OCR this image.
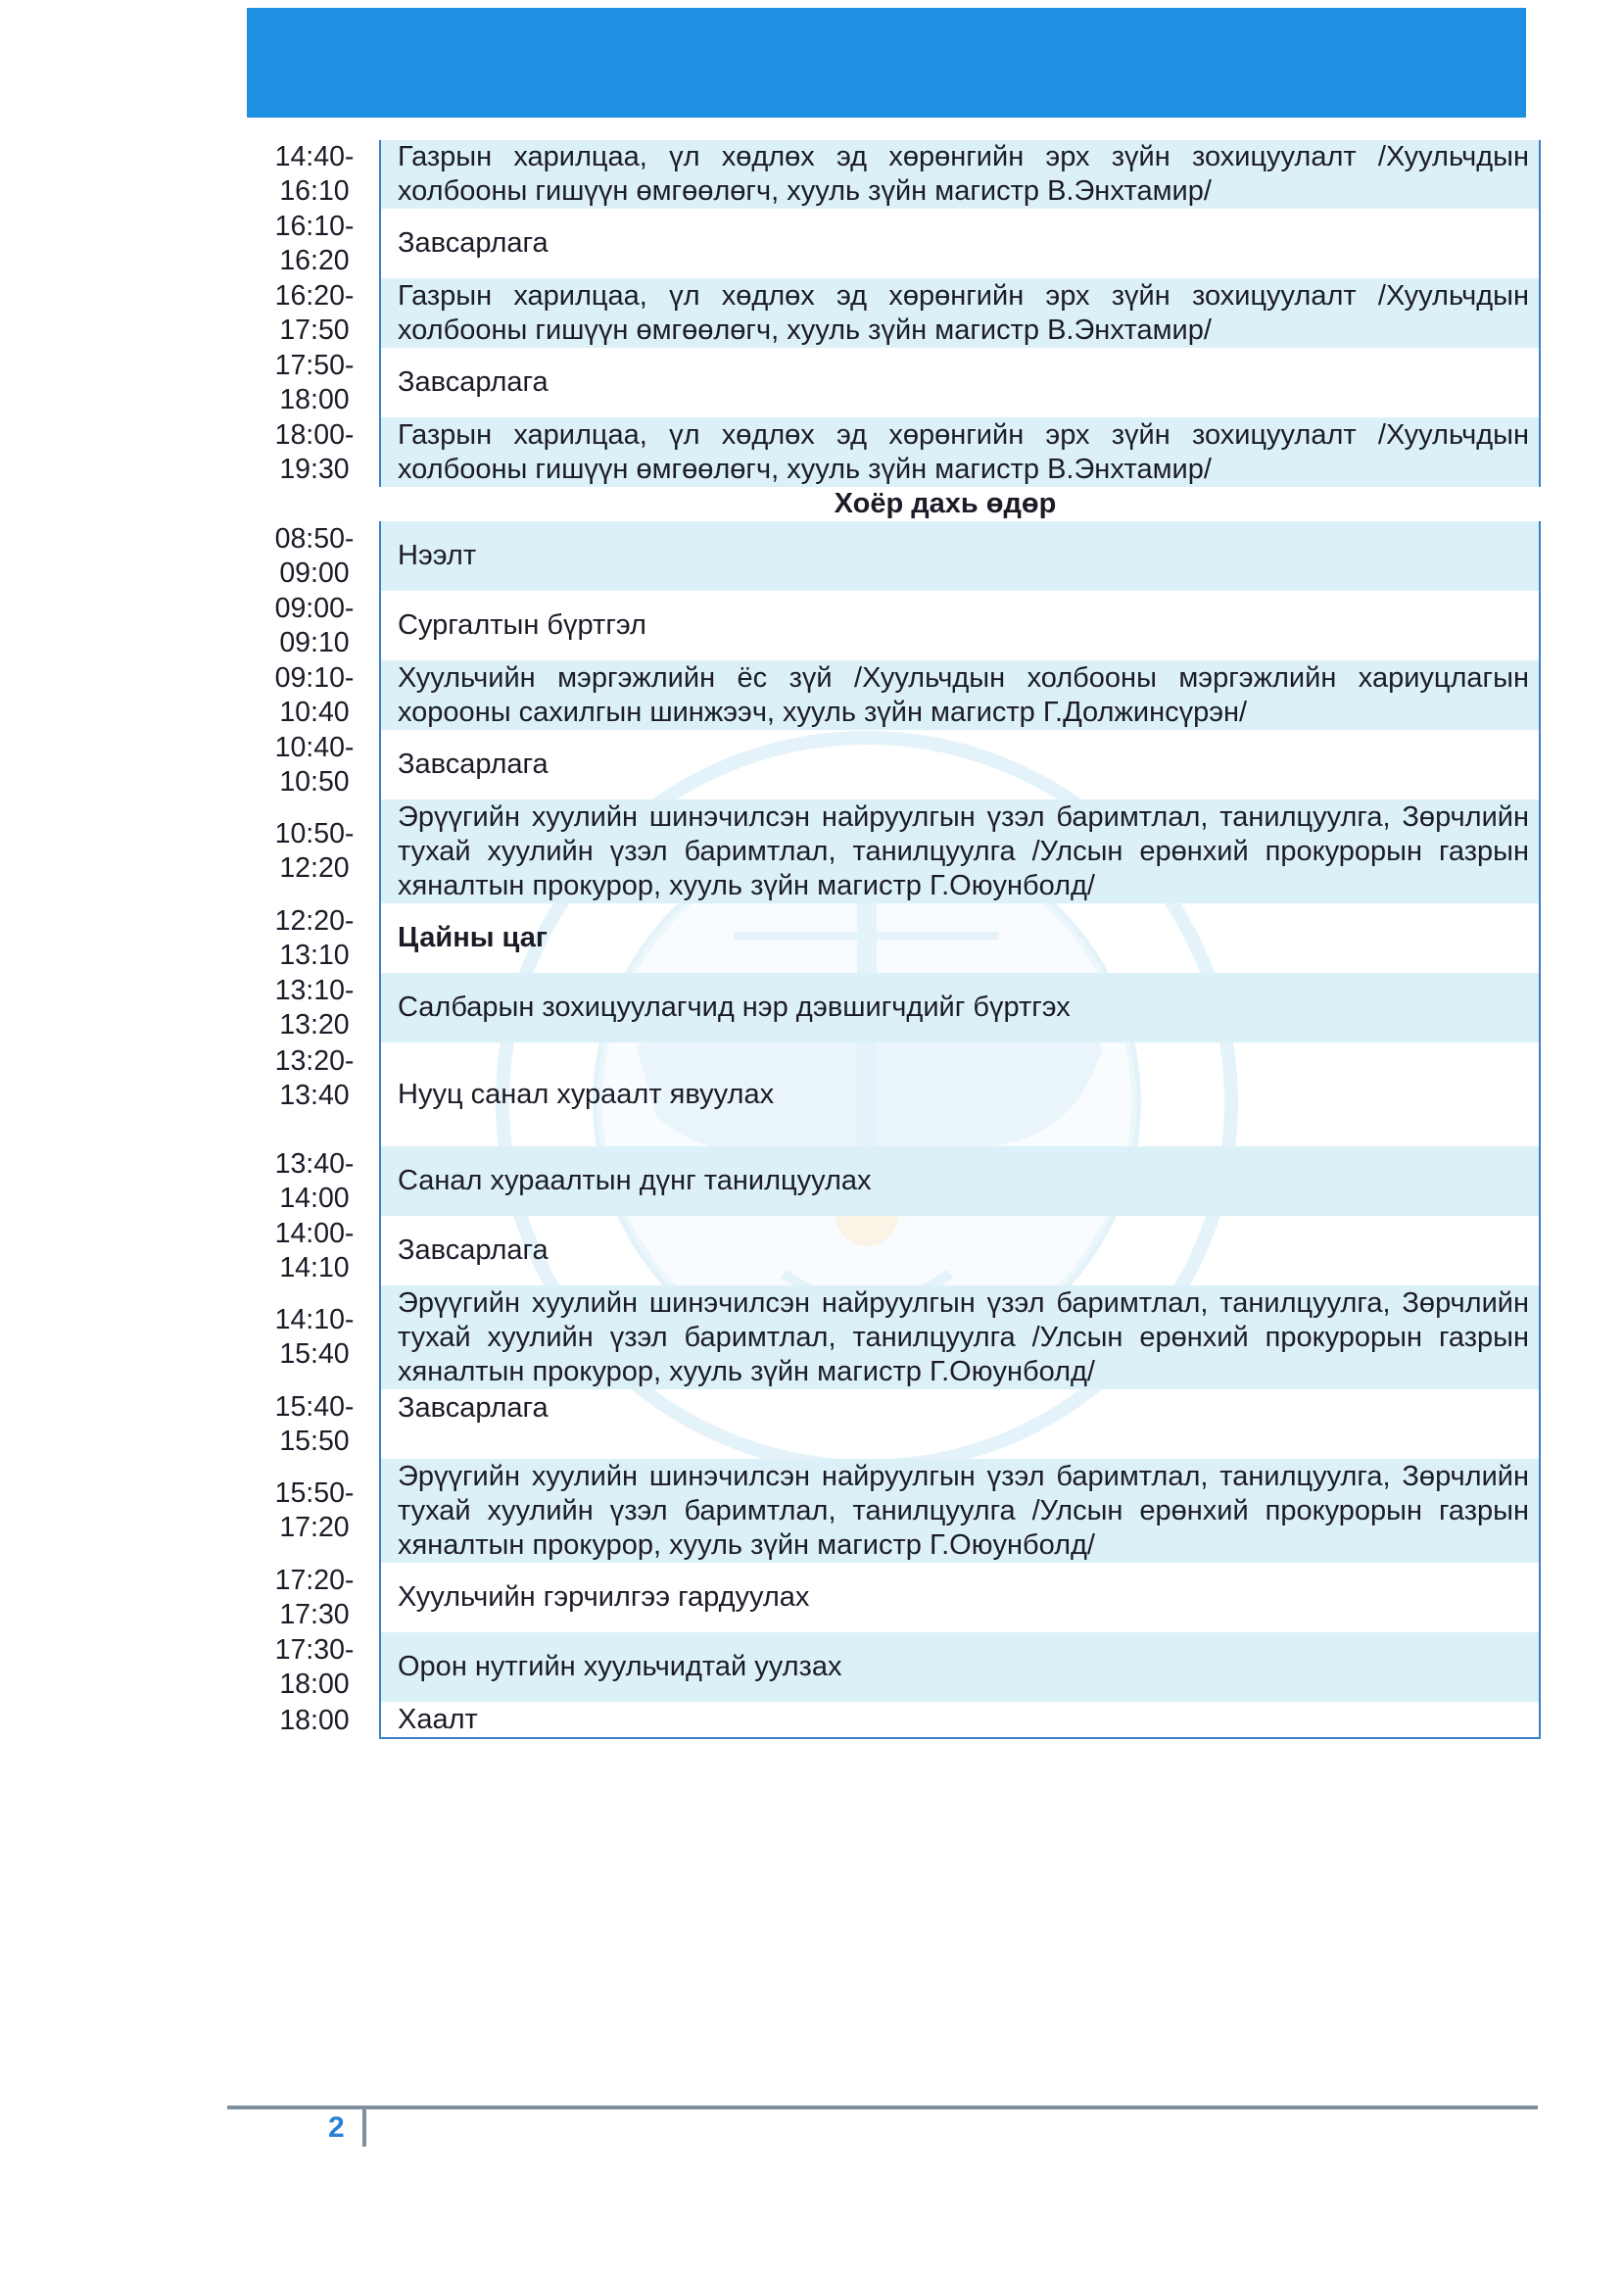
14:40-
16:10
Газрын харилцаа, үл хөдлөх эд хөрөнгийн эрх зүйн зохицуулалт /Хуульчдын холбооны гишүүн өмгөөлөгч, хууль зүйн магистр В.Энхтамир/
16:10-
16:20
Завсарлага
16:20-
17:50
Газрын харилцаа, үл хөдлөх эд хөрөнгийн эрх зүйн зохицуулалт /Хуульчдын холбооны гишүүн өмгөөлөгч, хууль зүйн магистр В.Энхтамир/
17:50-
18:00
Завсарлага
18:00-
19:30
Газрын харилцаа, үл хөдлөх эд хөрөнгийн эрх зүйн зохицуулалт /Хуульчдын холбооны гишүүн өмгөөлөгч, хууль зүйн магистр В.Энхтамир/
Хоёр дахь өдөр
08:50-
09:00
Нээлт
09:00-
09:10
Сургалтын бүртгэл
09:10-
10:40
Хуульчийн мэргэжлийн ёс зүй /Хуульчдын холбооны мэргэжлийн хариуцлагын хорооны сахилгын шинжээч, хууль зүйн магистр Г.Должинсүрэн/
10:40-
10:50
Завсарлага
10:50-
12:20
Эрүүгийн хуулийн шинэчилсэн найруулгын үзэл баримтлал, танилцуулга, Зөрчлийн тухай хуулийн үзэл баримтлал, танилцуулга /Улсын ерөнхий прокурорын газрын хяналтын прокурор, хууль зүйн магистр Г.Оюунболд/
12:20-
13:10
Цайны цаг
13:10-
13:20
Салбарын зохицуулагчид нэр дэвшигчдийг бүртгэх
13:20-
13:40 Нууц санал хураалт явуулах
13:40-
14:00
Санал хураалтын дүнг танилцуулах
14:00-
14:10
Завсарлага
14:10-
15:40
Эрүүгийн хуулийн шинэчилсэн найруулгын үзэл баримтлал, танилцуулга, Зөрчлийн тухай хуулийн үзэл баримтлал, танилцуулга /Улсын ерөнхий прокурорын газрын хяналтын прокурор, хууль зүйн магистр Г.Оюунболд/
15:40-
15:50
Завсарлага
15:50-
17:20
Эрүүгийн хуулийн шинэчилсэн найруулгын үзэл баримтлал, танилцуулга, Зөрчлийн тухай хуулийн үзэл баримтлал, танилцуулга /Улсын ерөнхий прокурорын газрын хяналтын прокурор, хууль зүйн магистр Г.Оюунболд/
17:20-
17:30
Хуульчийн гэрчилгээ гардуулах
17:30-
18:00
Орон нутгийн хуульчидтай уулзах
18:00 Хаалт
2
